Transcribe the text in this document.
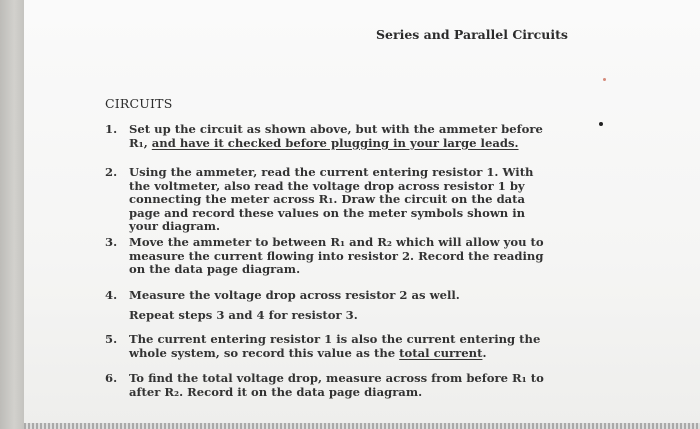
Series and Parallel Circuits
CIRCUITS
1. Set up the circuit as shown above, but with the ammeter before R₁, and have it checked before plugging in your large leads.
2. Using the ammeter, read the current entering resistor 1. With the voltmeter, also read the voltage drop across resistor 1 by connecting the meter across R₁. Draw the circuit on the data page and record these values on the meter symbols shown in your diagram.
3. Move the ammeter to between R₁ and R₂ which will allow you to measure the current flowing into resistor 2. Record the reading on the data page diagram.
4. Measure the voltage drop across resistor 2 as well.
Repeat steps 3 and 4 for resistor 3.
5. The current entering resistor 1 is also the current entering the whole system, so record this value as the total current.
6. To find the total voltage drop, measure across from before R₁ to after R₂. Record it on the data page diagram.
